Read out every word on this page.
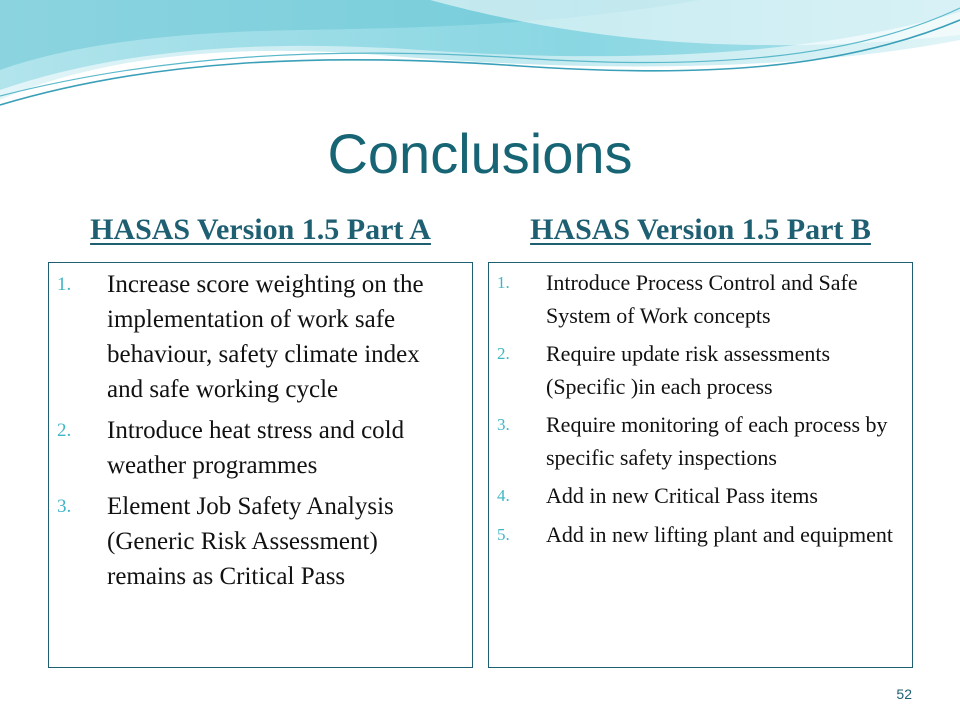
Conclusions
HASAS Version 1.5 Part A	HASAS Version 1.5 Part B
1.	Increase score weighting on the implementation of work safe behaviour, safety climate index and safe working cycle
2.	Introduce heat stress and cold weather programmes
3.	Element Job Safety Analysis (Generic Risk Assessment) remains as Critical Pass
1.	Introduce Process Control and Safe System of Work concepts
2.	Require update risk assessments (Specific )in each process
3.	Require monitoring of each process by specific safety inspections
4.	Add in new Critical Pass items
5.	Add in new lifting plant and equipment
52
